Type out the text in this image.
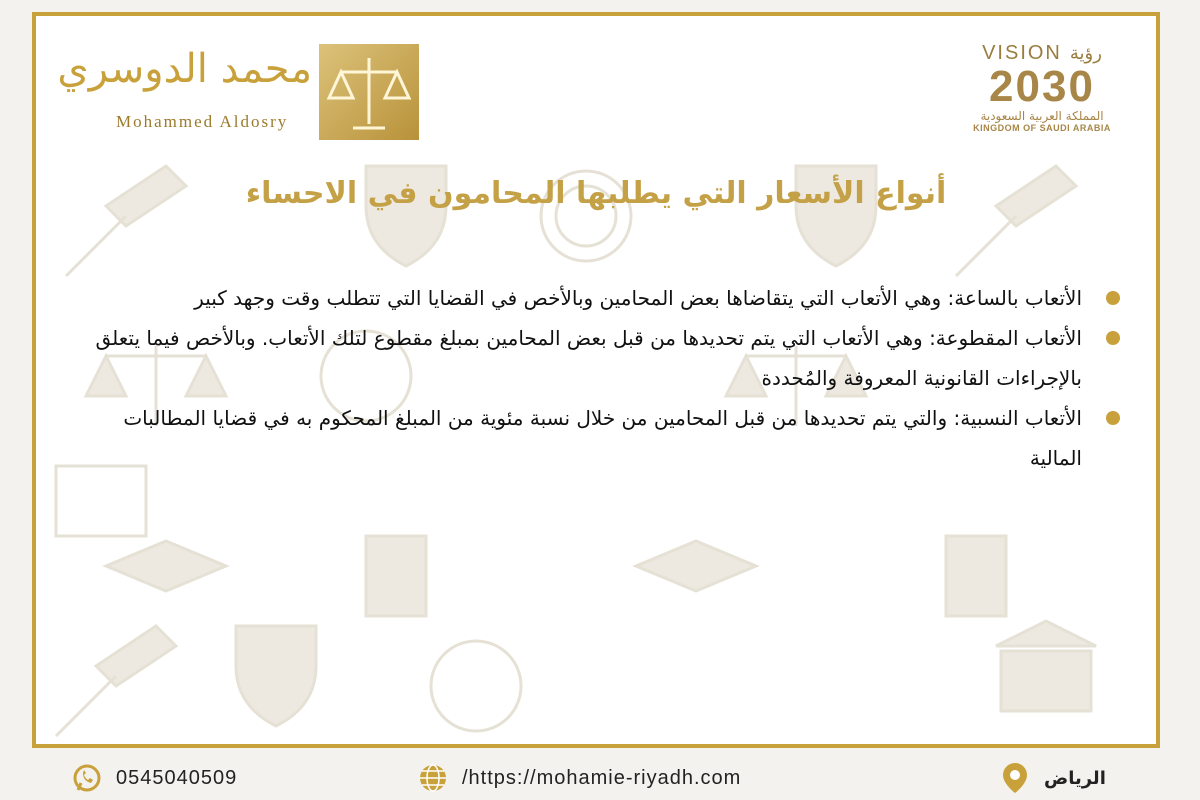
محمد الدوسري
Mohammed Aldosry
VISION رؤية
2030
المملكة العربية السعودية
KINGDOM OF SAUDI ARABIA
أنواع الأسعار التي يطلبها المحامون في الاحساء

الأتعاب بالساعة: وهي الأتعاب التي يتقاضاها بعض المحامين وبالأخص في القضايا التي تتطلب وقت وجهد كبير

الأتعاب المقطوعة: وهي الأتعاب التي يتم تحديدها من قبل بعض المحامين بمبلغ مقطوع لتلك الأتعاب. وبالأخص فيما يتعلق بالإجراءات القانونية المعروفة والمُحددة

الأتعاب النسبية: والتي يتم تحديدها من قبل المحامين من خلال نسبة مئوية من المبلغ المحكوم به في قضايا المطالبات المالية

0545040509	/https://mohamie-riyadh.com	الرياض
